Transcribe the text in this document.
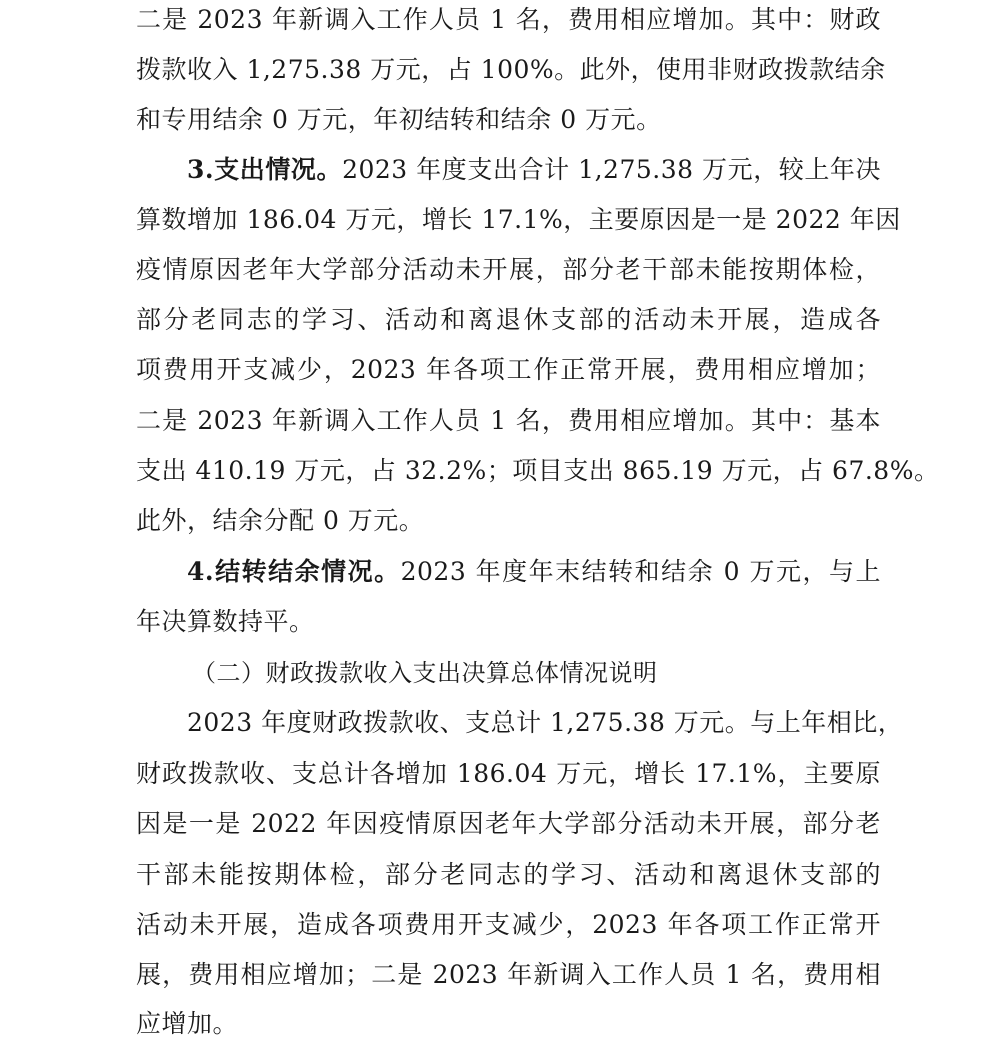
二是 2023 年新调入工作人员 1 名，费用相应增加。其中：财政
拨款收入 1,275.38 万元，占 100%。此外，使用非财政拨款结余
和专用结余 0 万元，年初结转和结余 0 万元。
3.支出情况。2023 年度支出合计 1,275.38 万元，较上年决
算数增加 186.04 万元，增长 17.1%，主要原因是一是 2022 年因
疫情原因老年大学部分活动未开展，部分老干部未能按期体检，
部分老同志的学习、活动和离退休支部的活动未开展，造成各
项费用开支减少，2023 年各项工作正常开展，费用相应增加；
二是 2023 年新调入工作人员 1 名，费用相应增加。其中：基本
支出 410.19 万元，占 32.2%；项目支出 865.19 万元，占 67.8%。
此外，结余分配 0 万元。
4.结转结余情况。2023 年度年末结转和结余 0 万元，与上
年决算数持平。
（二）财政拨款收入支出决算总体情况说明
2023 年度财政拨款收、支总计 1,275.38 万元。与上年相比，
财政拨款收、支总计各增加 186.04 万元，增长 17.1%，主要原
因是一是 2022 年因疫情原因老年大学部分活动未开展，部分老
干部未能按期体检，部分老同志的学习、活动和离退休支部的
活动未开展，造成各项费用开支减少，2023 年各项工作正常开
展，费用相应增加；二是 2023 年新调入工作人员 1 名，费用相
应增加。
